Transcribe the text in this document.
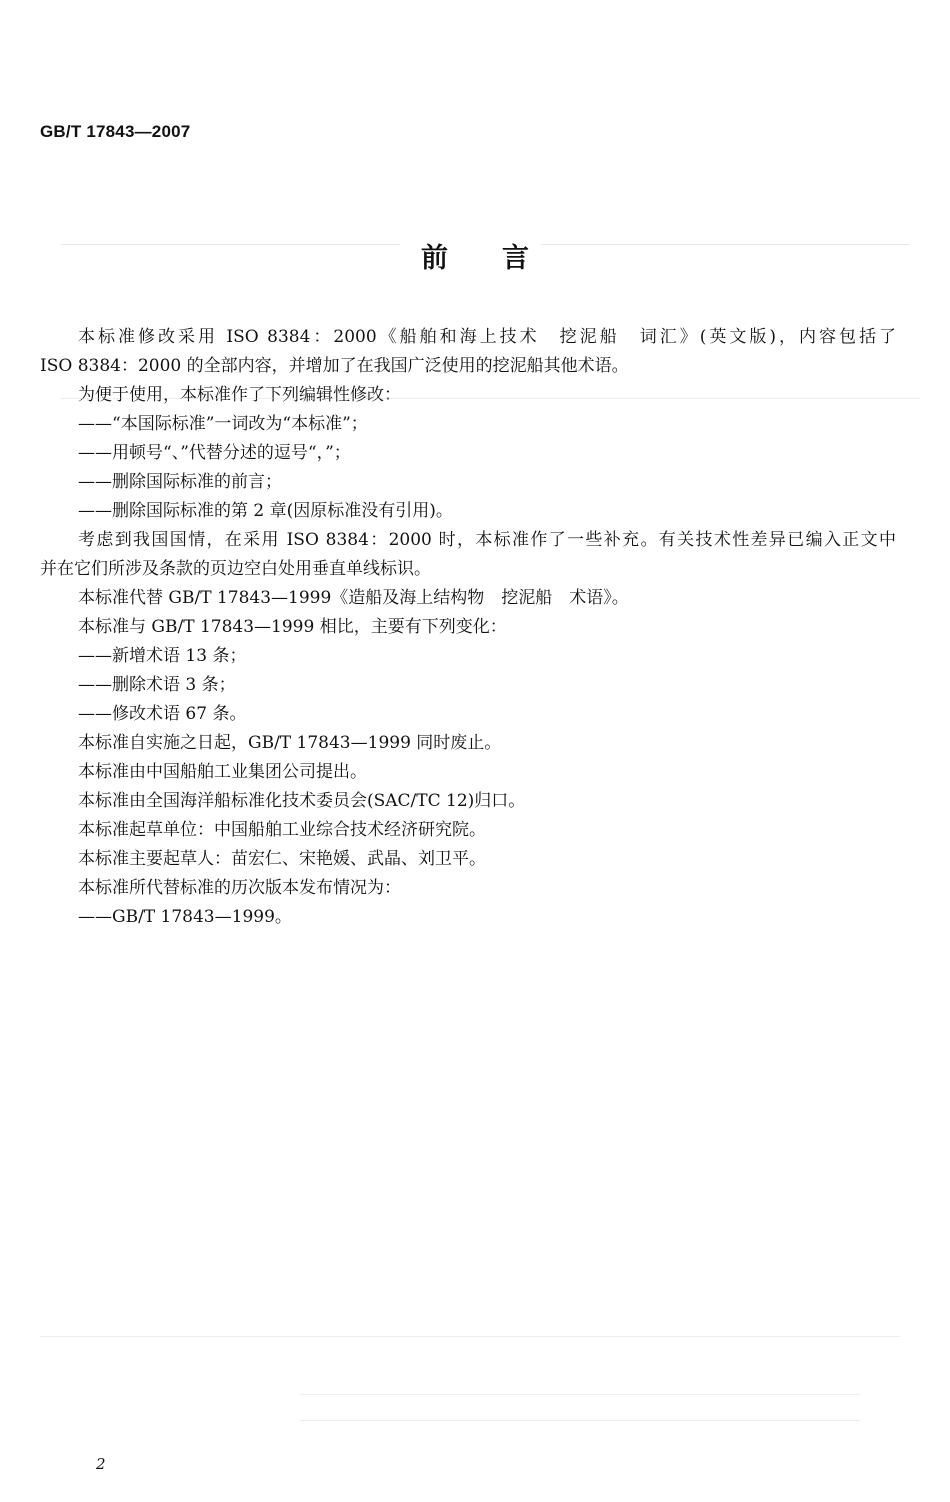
GB/T 17843—2007
前 言
本标准修改采用 ISO 8384：2000《船舶和海上技术　挖泥船　词汇》(英文版)，内容包括了
ISO 8384：2000 的全部内容，并增加了在我国广泛使用的挖泥船其他术语。
为便于使用，本标准作了下列编辑性修改：
——“本国际标准”一词改为“本标准”；
——用顿号“、”代替分述的逗号“，”；
——删除国际标准的前言；
——删除国际标准的第 2 章(因原标准没有引用)。
考虑到我国国情，在采用 ISO 8384：2000 时，本标准作了一些补充。有关技术性差异已编入正文中
并在它们所涉及条款的页边空白处用垂直单线标识。
本标准代替 GB/T 17843—1999《造船及海上结构物　挖泥船　术语》。
本标准与 GB/T 17843—1999 相比，主要有下列变化：
——新增术语 13 条；
——删除术语 3 条；
——修改术语 67 条。
本标准自实施之日起，GB/T 17843—1999 同时废止。
本标准由中国船舶工业集团公司提出。
本标准由全国海洋船标准化技术委员会(SAC/TC 12)归口。
本标准起草单位：中国船舶工业综合技术经济研究院。
本标准主要起草人：苗宏仁、宋艳媛、武晶、刘卫平。
本标准所代替标准的历次版本发布情况为：
——GB/T 17843—1999。
2
